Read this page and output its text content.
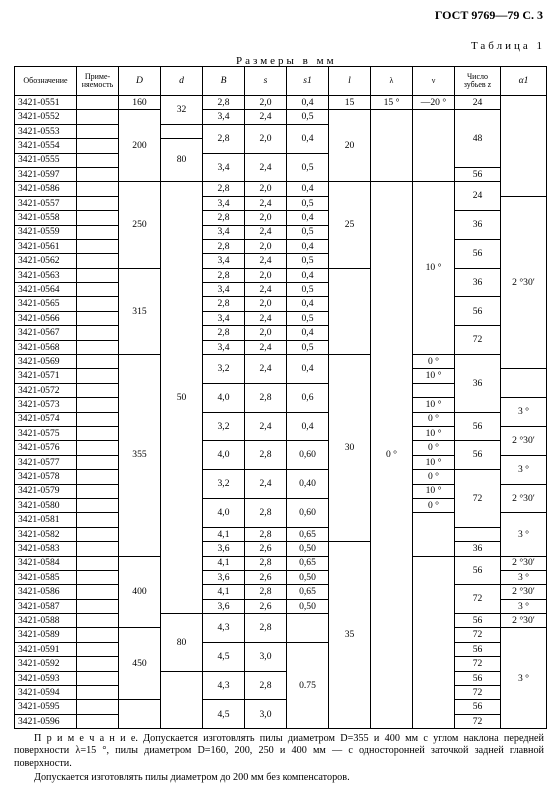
ГОСТ 9769—79 С. 3
Таблица 1
Размеры в мм
Обозначение	Приме-няемость	D	d	B	s	s1	l	λ	ν	Число зубьев z	α1
3421-0551		160	32	2,8	2,0	0,4	15	15 °	—20 °	24	
3421-0552		200		3,4	2,4	0,5	20			48	
3421-0553				2,8	2,0	0,4					
3421-0554			80								
3421-0555				3,4	2,4	0,5					
3421-0597										56	
3421-0586		250	50	2,8	2,0	0,4	25	0 °	10 °	24	
3421-0557				3,4	2,4	0,5					2 °30′
3421-0558				2,8	2,0	0,4				36	
3421-0559				3,4	2,4	0,5					
3421-0561				2,8	2,0	0,4				56	
3421-0562				3,4	2,4	0,5					
3421-0563		315		2,8	2,0	0,4				36	
3421-0564				3,4	2,4	0,5					
3421-0565				2,8	2,0	0,4				56	
3421-0566				3,4	2,4	0,5					
3421-0567				2,8	2,0	0,4				72	
3421-0568				3,4	2,4	0,5					
3421-0569		355		3,2	2,4	0,4	30		0 °	36	
3421-0571									10 °		
3421-0572				4,0	2,8	0,6					
3421-0573									10 °		3 °
3421-0574				3,2	2,4	0,4			0 °	56	
3421-0575									10 °		2 °30′
3421-0576				4,0	2,8	0,60			0 °	56	
3421-0577									10 °		3 °
3421-0578				3,2	2,4	0,40			0 °	72	
3421-0579									10 °		2 °30′
3421-0580				4,0	2,8	0,60			0 °		
3421-0581											3 °
3421-0582				4,1	2,8	0,65					
3421-0583				3,6	2,6	0,50	35			36	
3421-0584		400		4,1	2,8	0,65				56	2 °30′
3421-0585				3,6	2,6	0,50					3 °
3421-0586				4,1	2,8	0,65				72	2 °30′
3421-0587				3,6	2,6	0,50					3 °
3421-0588			80	4,3	2,8					56	2 °30′
3421-0589		450								72	3 °
3421-0591				4,5	3,0	0.75				56	
3421-0592										72	
3421-0593				4,3	2,8					56	
3421-0594										72	
3421-0595				4,5	3,0					56	
3421-0596										72	

П р и м е ч а н и е. Допускается изготовлять пилы диаметром D=355 и 400 мм с углом наклона передней поверхности λ=15 °, пилы диаметром D=160, 200, 250 и 400 мм — с односторонней заточкой задней главной поверхности.

Допускается изготовлять пилы диаметром до 200 мм без компенсаторов.
